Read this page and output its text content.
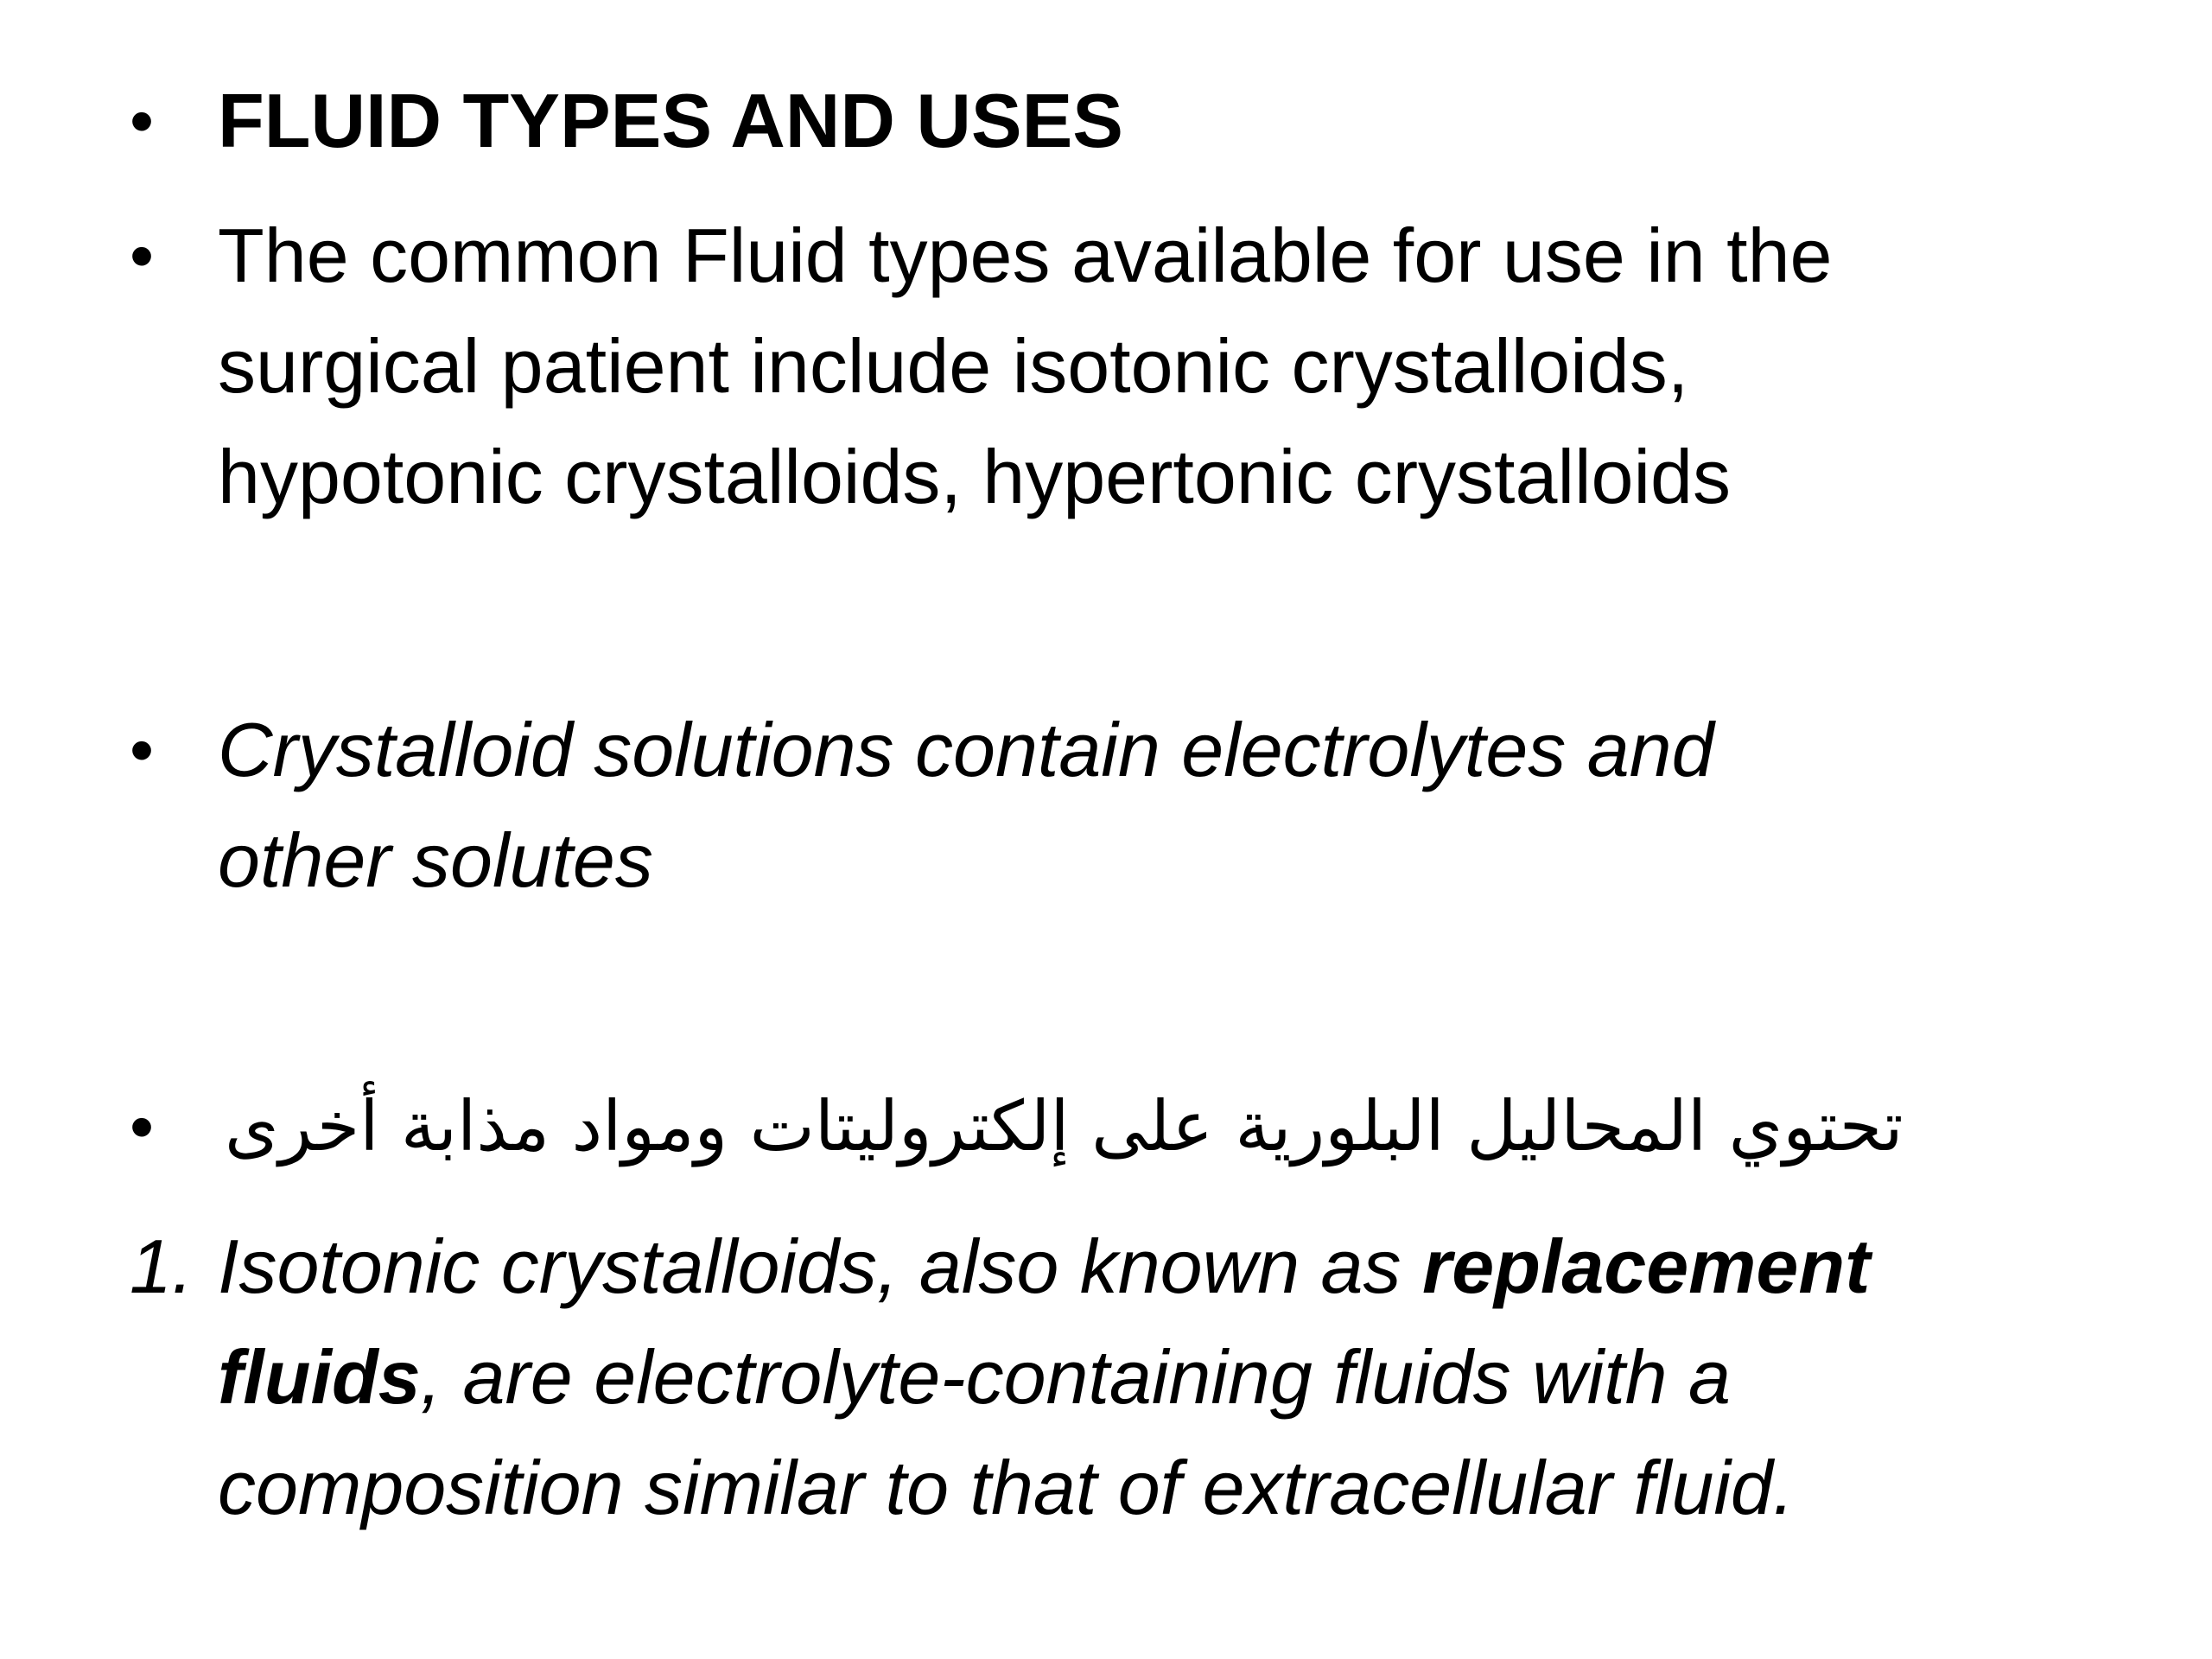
• FLUID TYPES AND USES
• The common Fluid types available for use in the
surgical patient include isotonic crystalloids,
hypotonic crystalloids, hypertonic crystalloids
• Crystalloid solutions contain electrolytes and
other solutes
• تحتوي المحاليل البلورية على إلكتروليتات ومواد مذابة أخرى
1. Isotonic crystalloids, also known as replacement
fluids, are electrolyte-containing fluids with a
composition similar to that of extracellular fluid.
